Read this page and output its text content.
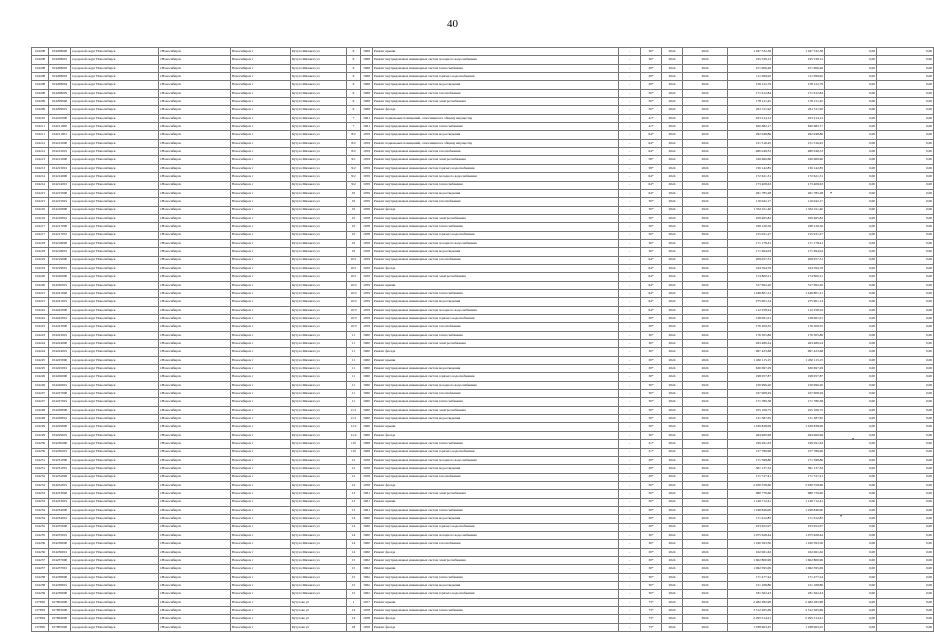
40
104208	104208000	городской округ Новосибирск	г.Новосибирск	Новосибирск г	Кутуза Михаила ул	6	1968	Ремонт крыши	-	30*	2024	2024	1 047 532,38	1 047 532,38	0,00	0,00	
104208	104208001	городской округ Новосибирск	г.Новосибирск	Новосибирск г	Кутуза Михаила ул	6	1968	Ремонт внутридомовых инженерных систем холодного водоснабжения	-	30*	2024	2024	195 539,12	195 539,12	0,00	0,00	
104208	104208002	городской округ Новосибирск	г.Новосибирск	Новосибирск г	Кутуза Михаила ул	6	1968	Ремонт внутридомовых инженерных систем теплоснабжения	-	30*	2024	2024	471 906,40	471 906,40	0,00	0,00	
104208	104208003	городской округ Новосибирск	г.Новосибирск	Новосибирск г	Кутуза Михаила ул	6	1968	Ремонт внутридомовых инженерных систем горячего водоснабжения	-	30*	2024	2024	111 099,92	111 099,92	0,00	0,00	
104208	104208004	городской округ Новосибирск	г.Новосибирск	Новосибирск г	Кутуза Михаила ул	6	1968	Ремонт внутридомовых инженерных систем водоотведения	-	30*	2024	2024	158 122,79	158 122,79	0,00	0,00	
104208	104208005	городской округ Новосибирск	г.Новосибирск	Новосибирск г	Кутуза Михаила ул	6	1968	Ремонт внутридомовых инженерных систем газоснабжения	-	30*	2024	2024	171 612,84	171 612,84	0,00	0,00	
104209	104209000	городской округ Новосибирск	г.Новосибирск	Новосибирск г	Кутуза Михаила ул	6	1968	Ремонт внутридомовых инженерных систем электроснабжения	-	30*	2024	2024	178 211,45	178 211,45	0,00	0,00	
104209	104209001	городской округ Новосибирск	г.Новосибирск	Новосибирск г	Кутуза Михаила ул	6	1968	Ремонт фасада	-	30*	2024	2024	261 311,92	261 311,92	0,00	0,00	
104210	104210000	городской округ Новосибирск	г.Новосибирск	Новосибирск г	Кутуза Михаила ул	7	1961	Ремонт подвальных помещений, относящихся к общему имуществу	-	41*	2024	2024	453 214,12	453 214,12	0,00	0,00	
104211	104211000	городской округ Новосибирск	г.Новосибирск	Новосибирск г	Кутуза Михаила ул	7	1961	Ремонт внутридомовых инженерных систем теплоснабжения	-	41*	2024	2024	620 682,17	620 682,17	0,00	0,00	
104211	104211001	городской округ Новосибирск	г.Новосибирск	Новосибирск г	Кутуза Михаила ул	8/2	1959	Ремонт внутридомовых инженерных систем водоотведения	-	64*	2024	2024	292 048,86	292 048,86	0,00	0,00	
104212	104212000	городской округ Новосибирск	г.Новосибирск	Новосибирск г	Кутуза Михаила ул	8/2	1959	Ремонт подвальных помещений, относящихся к общему имуществу	-	64*	2024	2024	151 516,45	151 516,45	0,00	0,00	
104212	104212001	городской округ Новосибирск	г.Новосибирск	Новосибирск г	Кутуза Михаила ул	8/2	1959	Ремонт внутридомовых инженерных систем газоснабжения	-	64*	2024	2024	480 048,33	480 048,33	0,00	0,00	
104213	104213000	городской округ Новосибирск	г.Новосибирск	Новосибирск г	Кутуза Михаила ул	9/1	1959	Ремонт внутридомовых инженерных систем электроснабжения	-	58*	2024	2024	169 669,60	169 669,60	0,00	0,00	
104213	104213001	городской округ Новосибирск	г.Новосибирск	Новосибирск г	Кутуза Михаила ул	9/2	1959	Ремонт внутридомовых инженерных систем горячего водоснабжения	-	58*	2024	2024	156 142,85	156 142,85	0,00	0,00	
104214	104214000	городской округ Новосибирск	г.Новосибирск	Новосибирск г	Кутуза Михаила ул	9/2	1959	Ремонт внутридомовых инженерных систем холодного водоснабжения	-	64*	2024	2024	172 621,31	172 621,31	0,00	0,00	
104214	104214001	городской округ Новосибирск	г.Новосибирск	Новосибирск г	Кутуза Михаила ул	9/2	1959	Ремонт внутридомовых инженерных систем теплоснабжения	-	64*	2024	2024	173 408,63	173 408,63	0,00	0,00	
104215	104215000	городской округ Новосибирск	г.Новосибирск	Новосибирск г	Кутуза Михаила ул	10	1959	Ремонт внутридомовых инженерных систем водоотведения	-	64*	2024	2024	261 785,28	261 785,28	0,00	0,00	
104215	104215001	городской округ Новосибирск	г.Новосибирск	Новосибирск г	Кутуза Михаила ул	10	1959	Ремонт внутридомовых инженерных систем газоснабжения	-	30*	2024	2024	116 942,17	116 942,17	0,00	0,00	
104216	104216000	городской округ Новосибирск	г.Новосибирск	Новосибирск г	Кутуза Михаила ул	10	1958	Ремонт фасада	-	30*	2024	2024	1 332 011,40	1 332 011,40	0,00	0,00	
104216	104216001	городской округ Новосибирск	г.Новосибирск	Новосибирск г	Кутуза Михаила ул	10	1958	Ремонт внутридомовых инженерных систем электроснабжения	-	30*	2024	2024	459 465,82	459 465,82	0,00	0,00	
104217	104217000	городской округ Новосибирск	г.Новосибирск	Новосибирск г	Кутуза Михаила ул	10	1958	Ремонт внутридомовых инженерных систем теплоснабжения	-	30*	2024	2024	168 126,56	168 126,56	0,00	0,00	
104217	104217001	городской округ Новосибирск	г.Новосибирск	Новосибирск г	Кутуза Михаила ул	10	1958	Ремонт внутридомовых инженерных систем горячего водоснабжения	-	30*	2024	2024	155 931,27	155 931,27	0,00	0,00	
104218	104218000	городской округ Новосибирск	г.Новосибирск	Новосибирск г	Кутуза Михаила ул	10	1958	Ремонт внутридомовых инженерных систем холодного водоснабжения	-	30*	2024	2024	171 178,41	171 178,41	0,00	0,00	
104218	104218001	городской округ Новосибирск	г.Новосибирск	Новосибирск г	Кутуза Михаила ул	10	1958	Ремонт внутридомовых инженерных систем водоотведения	-	30*	2024	2024	171 694,04	171 694,04	0,00	0,00	
104219	104219000	городской округ Новосибирск	г.Новосибирск	Новосибирск г	Кутуза Михаила ул	10/1	1959	Ремонт внутридомовых инженерных систем газоснабжения	-	64*	2024	2024	208 057,31	208 057,31	0,00	0,00	
104219	104219001	городской округ Новосибирск	г.Новосибирск	Новосибирск г	Кутуза Михаила ул	10/1	1959	Ремонт фасада	-	64*	2024	2024	164 594,76	164 594,76	0,00	0,00	
104220	104220000	городской округ Новосибирск	г.Новосибирск	Новосибирск г	Кутуза Михаила ул	10/1	1959	Ремонт внутридомовых инженерных систем электроснабжения	-	64*	2024	2024	174 800,21	174 800,21	0,00	0,00	
104220	104220001	городской округ Новосибирск	г.Новосибирск	Новосибирск г	Кутуза Михаила ул	10/2	1959	Ремонт крыши	-	64*	2024	2024	317 062,20	317 062,20	0,00	0,00	
104221	104221000	городской округ Новосибирск	г.Новосибирск	Новосибирск г	Кутуза Михаила ул	10/2	1959	Ремонт внутридомовых инженерных систем теплоснабжения	-	64*	2024	2024	1 448 801,21	1 448 801,21	0,00	0,00	
104221	104221001	городской округ Новосибирск	г.Новосибирск	Новосибирск г	Кутуза Михаила ул	10/2	1959	Ремонт внутридомовых инженерных систем водоотведения	-	64*	2024	2024	275 901,14	275 901,14	0,00	0,00	
104222	104222000	городской округ Новосибирск	г.Новосибирск	Новосибирск г	Кутуза Михаила ул	10/3	1959	Ремонт внутридомовых инженерных систем холодного водоснабжения	-	64*	2024	2024	112 258,24	112 258,24	0,00	0,00	
104222	104222001	городской округ Новосибирск	г.Новосибирск	Новосибирск г	Кутуза Михаила ул	10/3	1959	Ремонт внутридомовых инженерных систем горячего водоснабжения	-	30*	2024	2024	128 061,01	128 061,01	0,00	0,00	
104223	104223000	городской округ Новосибирск	г.Новосибирск	Новосибирск г	Кутуза Михаила ул	10/3	1959	Ремонт внутридомовых инженерных систем газоснабжения	-	30*	2024	2024	176 209,35	176 209,35	0,00	0,00	
104223	104223001	городской округ Новосибирск	г.Новосибирск	Новосибирск г	Кутуза Михаила ул	11	1960	Ремонт внутридомовых инженерных систем теплоснабжения	-	30*	2024	2024	176 305,86	176 305,86	0,00	0,00	
104224	104224000	городской округ Новосибирск	г.Новосибирск	Новосибирск г	Кутуза Михаила ул	11	1960	Ремонт внутридомовых инженерных систем электроснабжения	-	30*	2024	2024	263 480,24	263 480,24	0,00	0,00	
104224	104224001	городской округ Новосибирск	г.Новосибирск	Новосибирск г	Кутуза Михаила ул	11	1960	Ремонт фасада	-	30*	2024	2024	997 423,68	997 423,68	0,00	0,00	
104225	104225000	городской округ Новосибирск	г.Новосибирск	Новосибирск г	Кутуза Михаила ул	11	1960	Ремонт крыши	-	30*	2024	2024	1 450 115,15	1 450 115,15	0,00	0,00	
104225	104225001	городской округ Новосибирск	г.Новосибирск	Новосибирск г	Кутуза Михаила ул	11	1960	Ремонт внутридомовых инженерных систем водоотведения	-	30*	2024	2024	630 697,29	630 697,29	0,00	0,00	
104226	104226000	городской округ Новосибирск	г.Новосибирск	Новосибирск г	Кутуза Михаила ул	11	1960	Ремонт внутридомовых инженерных систем горячего водоснабжения	-	30*	2024	2024	198 057,87	198 057,87	0,00	0,00	
104226	104226001	городской округ Новосибирск	г.Новосибирск	Новосибирск г	Кутуза Михаила ул	11	1960	Ремонт внутридомовых инженерных систем холодного водоснабжения	-	30*	2024	2024	150 996,20	150 996,20	0,00	0,00	
104227	104227000	городской округ Новосибирск	г.Новосибирск	Новосибирск г	Кутуза Михаила ул	11	1960	Ремонт внутридомовых инженерных систем газоснабжения	-	30*	2024	2024	167 908,29	167 908,29	0,00	0,00	
104227	104227001	городской округ Новосибирск	г.Новосибирск	Новосибирск г	Кутуза Михаила ул	11	1960	Ремонт внутридомовых инженерных систем теплоснабжения	-	30*	2024	2024	171 780,38	171 780,38	0,00	0,00	
104228	104228000	городской округ Новосибирск	г.Новосибирск	Новосибирск г	Кутуза Михаила ул	11/1	1960	Ремонт внутридомовых инженерных систем электроснабжения	-	30*	2024	2024	255 166,75	255 166,75	0,00	0,00	
104228	104228001	городской округ Новосибирск	г.Новосибирск	Новосибирск г	Кутуза Михаила ул	11/1	1960	Ремонт внутридомовых инженерных систем водоотведения	-	30*	2024	2024	131 387,65	131 387,65	0,00	0,00	
104229	104229000	городской округ Новосибирск	г.Новосибирск	Новосибирск г	Кутуза Михаила ул	11/2	1960	Ремонт крыши	-	30*	2024	2024	1 439 838,09	1 439 838,09	0,00	0,00	
104229	104229001	городской округ Новосибирск	г.Новосибирск	Новосибирск г	Кутуза Михаила ул	11/2	1960	Ремонт фасада	-	30*	2024	2024	494 960,96	494 960,96	0,00	0,00	
104230	104230000	городской округ Новосибирск	г.Новосибирск	Новосибирск г	Кутуза Михаила ул	11б	1968	Ремонт внутридомовых инженерных систем теплоснабжения	-	31*	2024	2024	199 291,63	199 291,63	0,00	0,00	
104230	104230001	городской округ Новосибирск	г.Новосибирск	Новосибирск г	Кутуза Михаила ул	11б	1968	Ремонт внутридомовых инженерных систем горячего водоснабжения	-	31*	2024	2024	157 786,96	157 786,96	0,00	0,00	
104231	104231000	городской округ Новосибирск	г.Новосибирск	Новосибирск г	Кутуза Михаила ул	12	1958	Ремонт внутридомовых инженерных систем холодного водоснабжения	-	30*	2024	2024	171 598,80	171 598,80	0,00	0,00	
104231	104231001	городской округ Новосибирск	г.Новосибирск	Новосибирск г	Кутуза Михаила ул	12	1958	Ремонт внутридомовых инженерных систем водоотведения	-	30*	2024	2024	361 137,32	361 137,32	0,00	0,00	
104232	104232000	городской округ Новосибирск	г.Новосибирск	Новосибирск г	Кутуза Михаила ул	12	1958	Ремонт внутридомовых инженерных систем газоснабжения	-	30*	2024	2024	171 727,41	171 727,41	0,00	0,00	
104232	104232001	городской округ Новосибирск	г.Новосибирск	Новосибирск г	Кутуза Михаила ул	12	1958	Ремонт фасада	-	30*	2024	2024	2 930 558,60	2 930 558,60	0,00	0,00	
104233	104233000	городской округ Новосибирск	г.Новосибирск	Новосибирск г	Кутуза Михаила ул	13	1961	Ремонт внутридомовых инженерных систем электроснабжения	-	30*	2024	2024	980 776,60	980 776,60	0,00	0,00	
104233	104233001	городской округ Новосибирск	г.Новосибирск	Новосибирск г	Кутуза Михаила ул	13	1961	Ремонт крыши	-	30*	2024	2024	1 149 712,41	1 149 712,41	0,00	0,00	
104234	104234000	городской округ Новосибирск	г.Новосибирск	Новосибирск г	Кутуза Михаила ул	13	1961	Ремонт внутридомовых инженерных систем теплоснабжения	-	30*	2024	2024	1 248 846,00	1 248 846,00	0,00	0,00	
104234	104234001	городской округ Новосибирск	г.Новосибирск	Новосибирск г	Кутуза Михаила ул	14	1960	Ремонт внутридомовых инженерных систем водоотведения	-	30*	2024	2024	171 612,85	171 612,85	0,00	0,00	
104235	104235000	городской округ Новосибирск	г.Новосибирск	Новосибирск г	Кутуза Михаила ул	14	1960	Ремонт внутридомовых инженерных систем горячего водоснабжения	-	30*	2024	2024	253 652,97	253 652,97	0,00	0,00	
104235	104235001	городской округ Новосибирск	г.Новосибирск	Новосибирск г	Кутуза Михаила ул	14	1960	Ремонт внутридомовых инженерных систем холодного водоснабжения	-	30*	2024	2024	1 075 628,44	1 075 628,44	0,00	0,00	
104236	104236000	городской округ Новосибирск	г.Новосибирск	Новосибирск г	Кутуза Михаила ул	14	1960	Ремонт внутридомовых инженерных систем газоснабжения	-	30*	2024	2024	1 160 393,56	1 160 393,56	0,00	0,00	
104236	104236001	городской округ Новосибирск	г.Новосибирск	Новосибирск г	Кутуза Михаила ул	14	1960	Ремонт фасада	-	30*	2024	2024	162 061,62	162 061,62	0,00	0,00	
104237	104237000	городской округ Новосибирск	г.Новосибирск	Новосибирск г	Кутуза Михаила ул	15	1962	Ремонт внутридомовых инженерных систем электроснабжения	-	30*	2024	2024	1 602 800,99	1 602 800,99	0,00	0,00	
104237	104237001	городской округ Новосибирск	г.Новосибирск	Новосибирск г	Кутуза Михаила ул	15	1962	Ремонт крыши	-	30*	2024	2024	1 062 595,09	1 062 595,09	0,00	0,00	
104238	104238000	городской округ Новосибирск	г.Новосибирск	Новосибирск г	Кутуза Михаила ул	15	1962	Ремонт внутридомовых инженерных систем теплоснабжения	-	30*	2024	2024	171 477,24	171 477,24	0,00	0,00	
104238	104238001	городской округ Новосибирск	г.Новосибирск	Новосибирск г	Кутуза Михаила ул	15	1962	Ремонт внутридомовых инженерных систем водоотведения	-	30*	2024	2024	151 168,80	151 168,80	0,00	0,00	
104239	104239000	городской округ Новосибирск	г.Новосибирск	Новосибирск г	Кутуза Михаила ул	15	1962	Ремонт внутридомовых инженерных систем горячего водоснабжения	-	30*	2024	2024	181 562,43	181 562,43	0,00	0,00	
107802	107802000	городской округ Новосибирск	г.Новосибирск	Новосибирск г	Кутузова ул	1	1957	Ремонт крыши	-	73*	2024	2024	2 482 282,98	2 482 282,98	0,00	0,00	
107803	107803000	городской округ Новосибирск	г.Новосибирск	Новосибирск г	Кутузова ул	14	1958	Ремонт внутридомовых инженерных систем теплоснабжения	-	73*	2024	2024	3 512 265,69	3 512 265,69	0,00	0,00	
107804	107804000	городской округ Новосибирск	г.Новосибирск	Новосибирск г	Кутузова ул	14	1958	Ремонт фасада	-	73*	2024	2024	2 295 514,21	2 295 514,21	0,00	0,00	
107805	107805000	городской округ Новосибирск	г.Новосибирск	Новосибирск г	Кутузова ул	18	1958	Ремонт фасада	-	73*	2024	2024	1 038 963,25	1 038 963,25	0,00	0,00	
•
•
•
